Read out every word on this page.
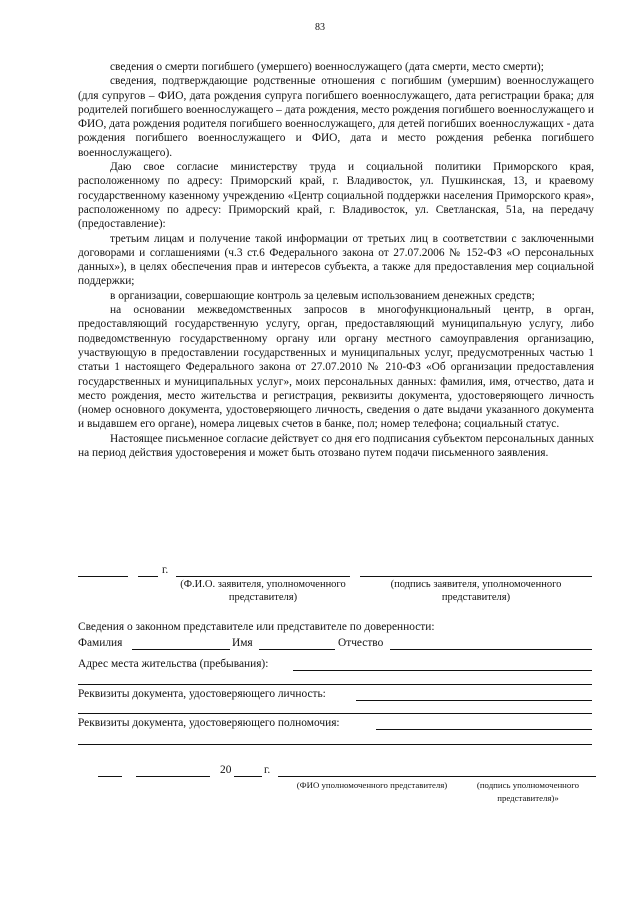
83

сведения о смерти погибшего (умершего) военнослужащего (дата смерти, место смерти);

сведения, подтверждающие родственные отношения с погибшим (умершим) военнослужащего (для супругов – ФИО, дата рождения супруга погибшего военнослужащего, дата регистрации брака; для родителей погибшего военнослужащего – дата рождения, место рождения погибшего военнослужащего и ФИО, дата рождения родителя погибшего военнослужащего, для детей погибших военнослужащих - дата рождения погибшего военнослужащего и ФИО, дата и место рождения ребенка погибшего военнослужащего).

Даю свое согласие министерству труда и социальной политики Приморского края, расположенному по адресу: Приморский край, г. Владивосток, ул. Пушкинская, 13, и краевому государственному казенному учреждению «Центр социальной поддержки населения Приморского края», расположенному по адресу: Приморский край, г. Владивосток, ул. Светланская, 51а, на передачу (предоставление):

третьим лицам и получение такой информации от третьих лиц в соответствии с заключенными договорами и соглашениями (ч.3 ст.6 Федерального закона от 27.07.2006 № 152-ФЗ «О персональных данных»), в целях обеспечения прав и интересов субъекта, а также для предоставления мер социальной поддержки;

в организации, совершающие контроль за целевым использованием денежных средств;

на основании межведомственных запросов в многофункциональный центр, в орган, предоставляющий государственную услугу, орган, предоставляющий муниципальную услугу, либо подведомственную государственному органу или органу местного самоуправления организацию, участвующую в предоставлении государственных и муниципальных услуг, предусмотренных частью 1 статьи 1 настоящего Федерального закона от 27.07.2010 № 210-ФЗ «Об организации предоставления государственных и муниципальных услуг», моих персональных данных: фамилия, имя, отчество, дата и место рождения, место жительства и регистрация, реквизиты документа, удостоверяющего личность (номер основного документа, удостоверяющего личность, сведения о дате выдачи указанного документа и выдавшем его органе), номера лицевых счетов в банке, пол; номер телефона; социальный статус.

Настоящее письменное согласие действует со дня его подписания субъектом персональных данных на период действия удостоверения и может быть отозвано путем подачи письменного заявления.

г.
(Ф.И.О. заявителя, уполномоченного представителя)
(подпись заявителя, уполномоченного представителя)
Сведения о законном представителе или представителе по доверенности:
Фамилия	Имя	Отчество
Адрес места жительства (пребывания):
Реквизиты документа, удостоверяющего личность:
Реквизиты документа, удостоверяющего полномочия:
20	г.
(ФИО уполномоченного представителя)	(подпись уполномоченного представителя)»
